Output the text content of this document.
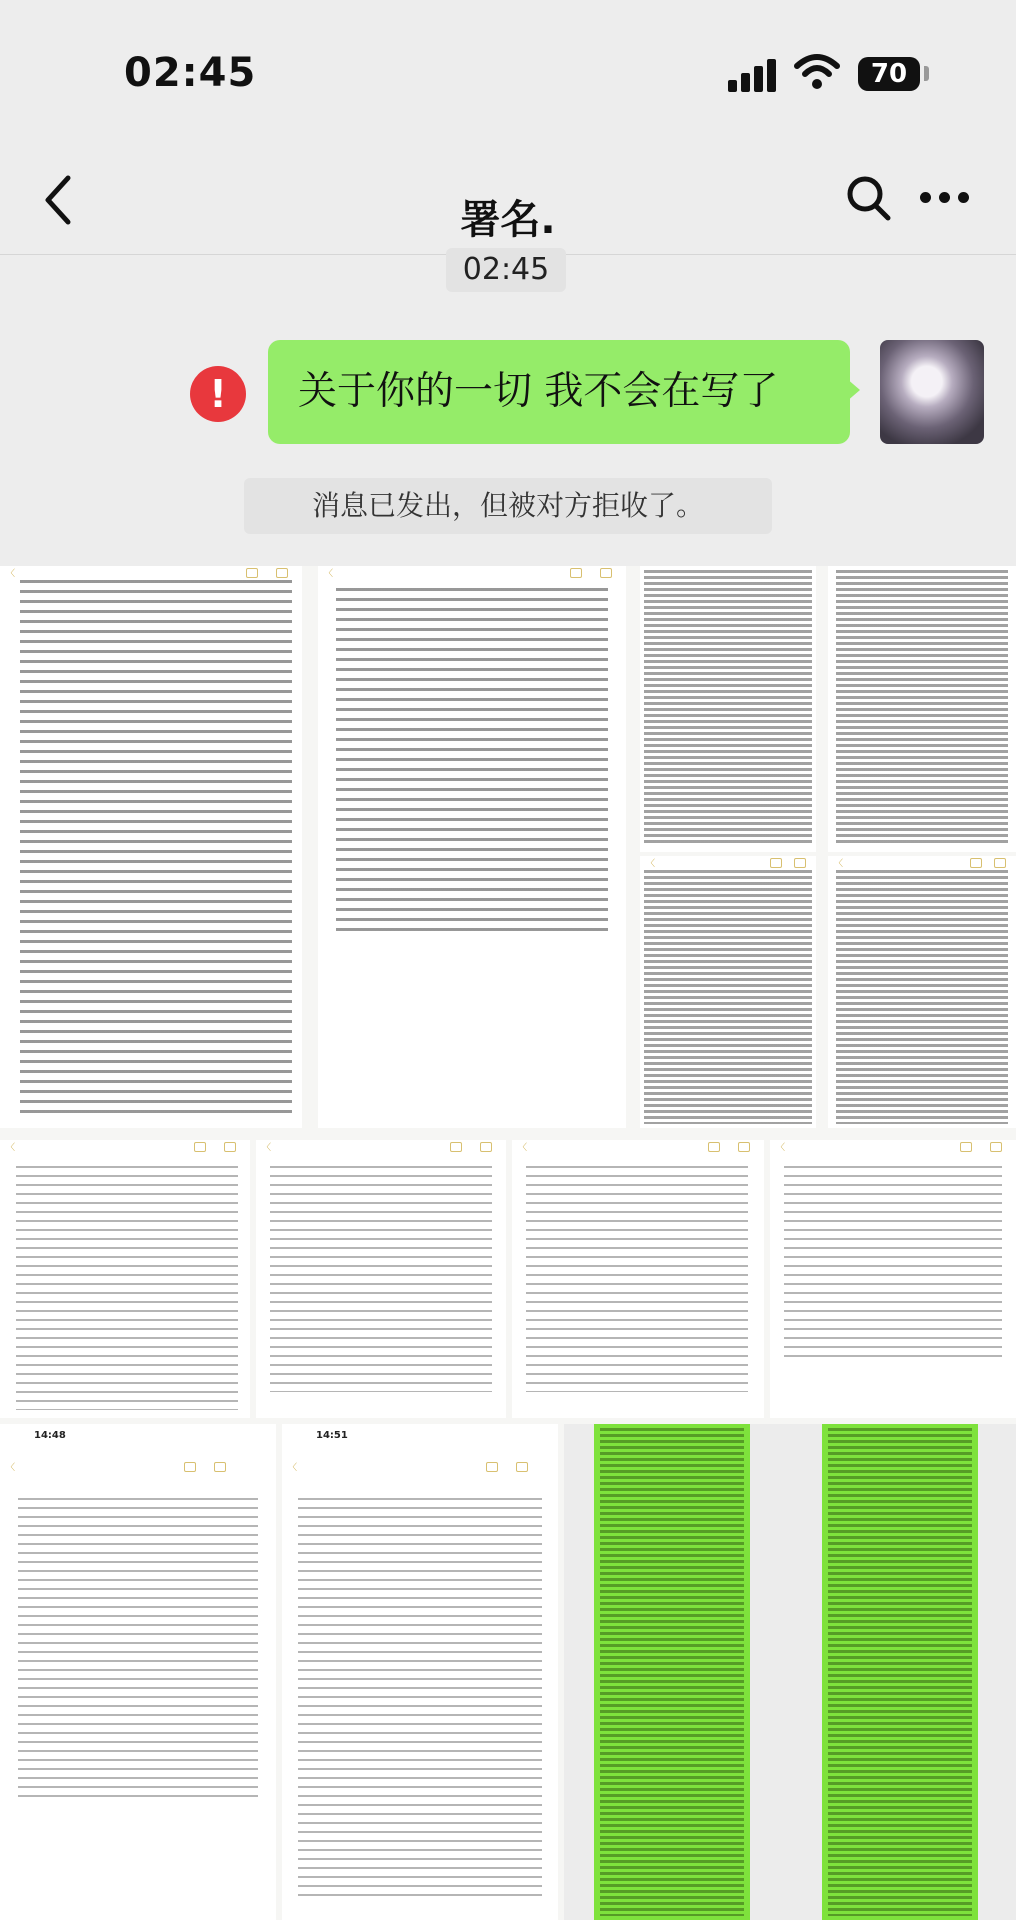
02:45	70
署名.
02:45
!	关于你的一切 我不会在写了
消息已发出，但被对方拒收了。
〈	〈
〈	〈
〈	〈	〈	〈
14:48
〈
14:51
〈
